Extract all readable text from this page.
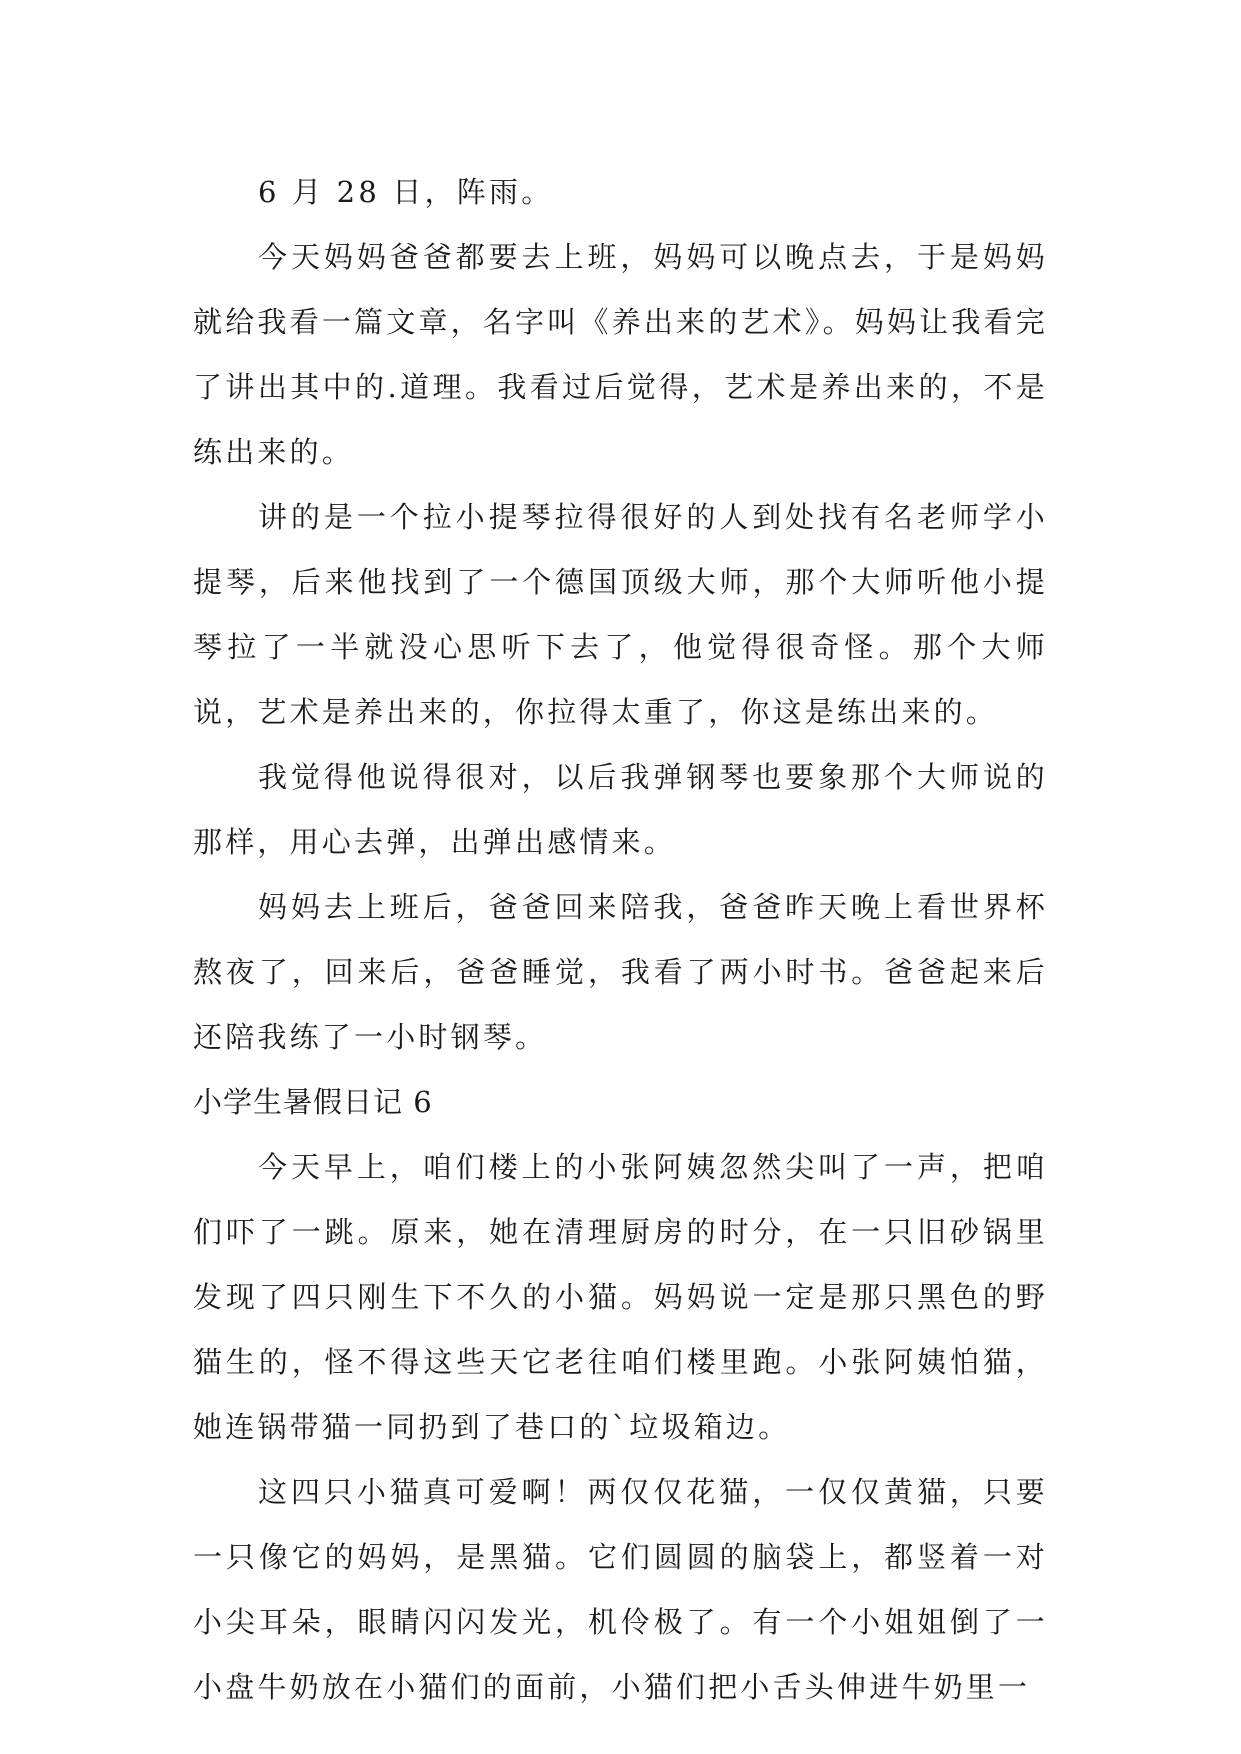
6 月 28 日，阵雨。

今天妈妈爸爸都要去上班，妈妈可以晚点去，于是妈妈就给我看一篇文章，名字叫《养出来的艺术》。妈妈让我看完了讲出其中的.道理。我看过后觉得，艺术是养出来的，不是练出来的。

讲的是一个拉小提琴拉得很好的人到处找有名老师学小提琴，后来他找到了一个德国顶级大师，那个大师听他小提琴拉了一半就没心思听下去了，他觉得很奇怪。那个大师说，艺术是养出来的，你拉得太重了，你这是练出来的。

我觉得他说得很对，以后我弹钢琴也要象那个大师说的那样，用心去弹，出弹出感情来。

妈妈去上班后，爸爸回来陪我，爸爸昨天晚上看世界杯熬夜了，回来后，爸爸睡觉，我看了两小时书。爸爸起来后还陪我练了一小时钢琴。

小学生暑假日记 6

今天早上，咱们楼上的小张阿姨忽然尖叫了一声，把咱们吓了一跳。原来，她在清理厨房的时分，在一只旧砂锅里发现了四只刚生下不久的小猫。妈妈说一定是那只黑色的野猫生的，怪不得这些天它老往咱们楼里跑。小张阿姨怕猫，她连锅带猫一同扔到了巷口的`垃圾箱边。

这四只小猫真可爱啊！两仅仅花猫，一仅仅黄猫，只要一只像它的妈妈，是黑猫。它们圆圆的脑袋上，都竖着一对小尖耳朵，眼睛闪闪发光，机伶极了。有一个小姐姐倒了一小盘牛奶放在小猫们的面前，小猫们把小舌头伸进牛奶里一
